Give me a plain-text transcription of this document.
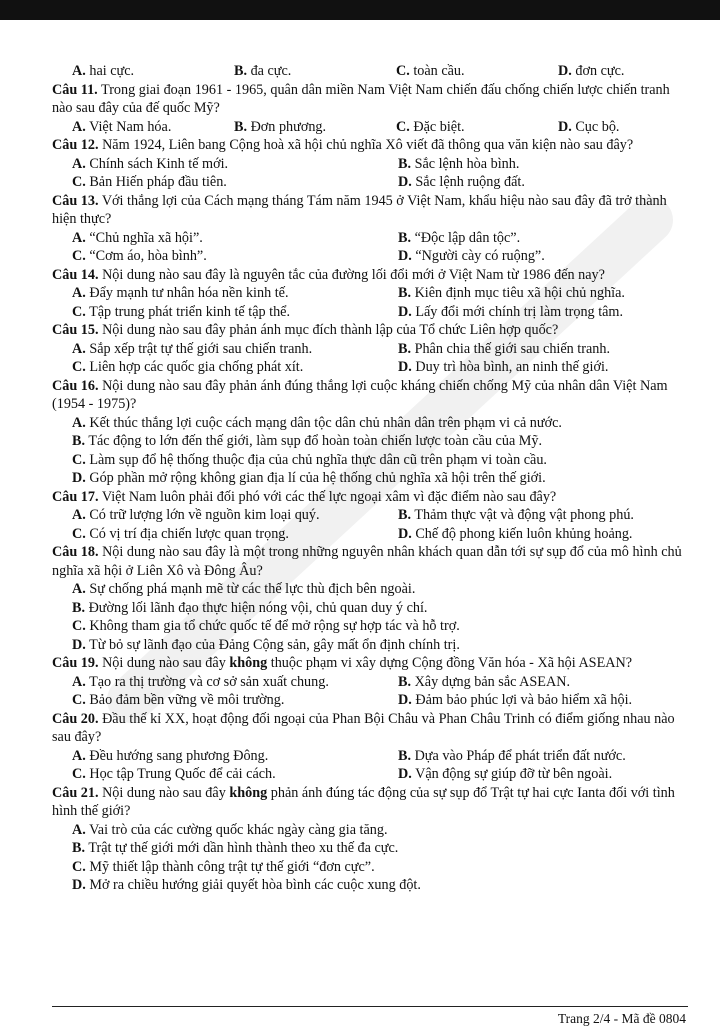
A. hai cực.	B. đa cực.	C. toàn cầu.	D. đơn cực.
Câu 11. Trong giai đoạn 1961 - 1965, quân dân miền Nam Việt Nam chiến đấu chống chiến lược chiến tranh nào sau đây của đế quốc Mỹ?
A. Việt Nam hóa.	B. Đơn phương.	C. Đặc biệt.	D. Cục bộ.
Câu 12. Năm 1924, Liên bang Cộng hoà xã hội chủ nghĩa Xô viết đã thông qua văn kiện nào sau đây?
A. Chính sách Kinh tế mới.	B. Sắc lệnh hòa bình.
C. Bản Hiến pháp đầu tiên.	D. Sắc lệnh ruộng đất.
Câu 13. Với thắng lợi của Cách mạng tháng Tám năm 1945 ở Việt Nam, khẩu hiệu nào sau đây đã trở thành hiện thực?
A. “Chủ nghĩa xã hội”.	B. “Độc lập dân tộc”.
C. “Cơm áo, hòa bình”.	D. “Người cày có ruộng”.
Câu 14. Nội dung nào sau đây là nguyên tắc của đường lối đổi mới ở Việt Nam từ 1986 đến nay?
A. Đẩy mạnh tư nhân hóa nền kinh tế.	B. Kiên định mục tiêu xã hội chủ nghĩa.
C. Tập trung phát triển kinh tế tập thể.	D. Lấy đổi mới chính trị làm trọng tâm.
Câu 15. Nội dung nào sau đây phản ánh mục đích thành lập của Tổ chức Liên hợp quốc?
A. Sắp xếp trật tự thế giới sau chiến tranh.	B. Phân chia thế giới sau chiến tranh.
C. Liên hợp các quốc gia chống phát xít.	D. Duy trì hòa bình, an ninh thế giới.
Câu 16. Nội dung nào sau đây phản ánh đúng thắng lợi cuộc kháng chiến chống Mỹ của nhân dân Việt Nam (1954 - 1975)?
A. Kết thúc thắng lợi cuộc cách mạng dân tộc dân chủ nhân dân trên phạm vi cả nước.
B. Tác động to lớn đến thế giới, làm sụp đổ hoàn toàn chiến lược toàn cầu của Mỹ.
C. Làm sụp đổ hệ thống thuộc địa của chủ nghĩa thực dân cũ trên phạm vi toàn cầu.
D. Góp phần mở rộng không gian địa lí của hệ thống chủ nghĩa xã hội trên thế giới.
Câu 17. Việt Nam luôn phải đối phó với các thế lực ngoại xâm vì đặc điểm nào sau đây?
A. Có trữ lượng lớn về nguồn kim loại quý.	B. Thảm thực vật và động vật phong phú.
C. Có vị trí địa chiến lược quan trọng.	D. Chế độ phong kiến luôn khủng hoảng.
Câu 18. Nội dung nào sau đây là một trong những nguyên nhân khách quan dẫn tới sự sụp đổ của mô hình chủ nghĩa xã hội ở Liên Xô và Đông Âu?
A. Sự chống phá mạnh mẽ từ các thế lực thù địch bên ngoài.
B. Đường lối lãnh đạo thực hiện nóng vội, chủ quan duy ý chí.
C. Không tham gia tổ chức quốc tế để mở rộng sự hợp tác và hỗ trợ.
D. Từ bỏ sự lãnh đạo của Đảng Cộng sản, gây mất ổn định chính trị.
Câu 19. Nội dung nào sau đây không thuộc phạm vi xây dựng Cộng đồng Văn hóa - Xã hội ASEAN?
A. Tạo ra thị trường và cơ sở sản xuất chung.	B. Xây dựng bản sắc ASEAN.
C. Bảo đảm bền vững về môi trường.	D. Đảm bảo phúc lợi và bảo hiểm xã hội.
Câu 20. Đầu thế kỉ XX, hoạt động đối ngoại của Phan Bội Châu và Phan Châu Trinh có điểm giống nhau nào sau đây?
A. Đều hướng sang phương Đông.	B. Dựa vào Pháp để phát triển đất nước.
C. Học tập Trung Quốc để cải cách.	D. Vận động sự giúp đỡ từ bên ngoài.
Câu 21. Nội dung nào sau đây không phản ánh đúng tác động của sự sụp đổ Trật tự hai cực Ianta đối với tình hình thế giới?
A. Vai trò của các cường quốc khác ngày càng gia tăng.
B. Trật tự thế giới mới dần hình thành theo xu thế đa cực.
C. Mỹ thiết lập thành công trật tự thế giới “đơn cực”.
D. Mở ra chiều hướng giải quyết hòa bình các cuộc xung đột.
Trang 2/4 - Mã đề 0804
